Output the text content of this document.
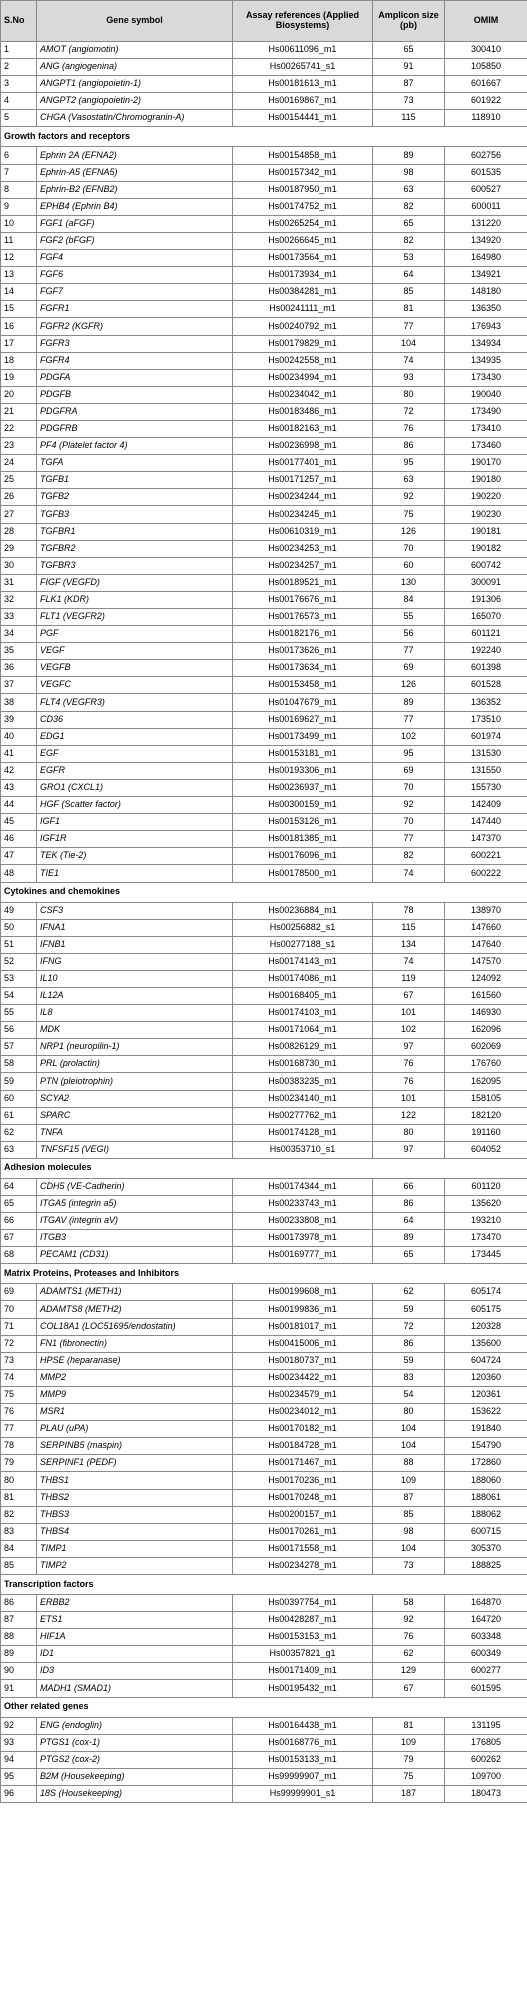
S.No	Gene symbol	Assay references (Applied Biosystems)	Amplicon size (pb)	OMIM
1	AMOT (angiomotin)	Hs00611096_m1	65	300410
2	ANG (angiogenina)	Hs00265741_s1	91	105850
3	ANGPT1 (angiopoietin-1)	Hs00181613_m1	87	601667
4	ANGPT2 (angiopoietin-2)	Hs00169867_m1	73	601922
5	CHGA (Vasostatin/Chromogranin-A)	Hs00154441_m1	115	118910
Growth factors and receptors				
6	Ephrin 2A (EFNA2)	Hs00154858_m1	89	602756
7	Ephrin-A5 (EFNA5)	Hs00157342_m1	98	601535
8	Ephrin-B2 (EFNB2)	Hs00187950_m1	63	600527
9	EPHB4 (Ephrin B4)	Hs00174752_m1	82	600011
10	FGF1 (aFGF)	Hs00265254_m1	65	131220
11	FGF2 (bFGF)	Hs00266645_m1	82	134920
12	FGF4	Hs00173564_m1	53	164980
13	FGF6	Hs00173934_m1	64	134921
14	FGF7	Hs00384281_m1	85	148180
15	FGFR1	Hs00241111_m1	81	136350
16	FGFR2 (KGFR)	Hs00240792_m1	77	176943
17	FGFR3	Hs00179829_m1	104	134934
18	FGFR4	Hs00242558_m1	74	134935
19	PDGFA	Hs00234994_m1	93	173430
20	PDGFB	Hs00234042_m1	80	190040
21	PDGFRA	Hs00183486_m1	72	173490
22	PDGFRB	Hs00182163_m1	76	173410
23	PF4 (Platelet factor 4)	Hs00236998_m1	86	173460
24	TGFA	Hs00177401_m1	95	190170
25	TGFB1	Hs00171257_m1	63	190180
26	TGFB2	Hs00234244_m1	92	190220
27	TGFB3	Hs00234245_m1	75	190230
28	TGFBR1	Hs00610319_m1	126	190181
29	TGFBR2	Hs00234253_m1	70	190182
30	TGFBR3	Hs00234257_m1	60	600742
31	FIGF (VEGFD)	Hs00189521_m1	130	300091
32	FLK1 (KDR)	Hs00176676_m1	84	191306
33	FLT1 (VEGFR2)	Hs00176573_m1	55	165070
34	PGF	Hs00182176_m1	56	601121
35	VEGF	Hs00173626_m1	77	192240
36	VEGFB	Hs00173634_m1	69	601398
37	VEGFC	Hs00153458_m1	126	601528
38	FLT4 (VEGFR3)	Hs01047679_m1	89	136352
39	CD36	Hs00169627_m1	77	173510
40	EDG1	Hs00173499_m1	102	601974
41	EGF	Hs00153181_m1	95	131530
42	EGFR	Hs00193306_m1	69	131550
43	GRO1 (CXCL1)	Hs00236937_m1	70	155730
44	HGF (Scatter factor)	Hs00300159_m1	92	142409
45	IGF1	Hs00153126_m1	70	147440
46	IGF1R	Hs00181385_m1	77	147370
47	TEK (Tie-2)	Hs00176096_m1	82	600221
48	TIE1	Hs00178500_m1	74	600222
Cytokines and chemokines				
49	CSF3	Hs00236884_m1	78	138970
50	IFNA1	Hs00256882_s1	115	147660
51	IFNB1	Hs00277188_s1	134	147640
52	IFNG	Hs00174143_m1	74	147570
53	IL10	Hs00174086_m1	119	124092
54	IL12A	Hs00168405_m1	67	161560
55	IL8	Hs00174103_m1	101	146930
56	MDK	Hs00171064_m1	102	162096
57	NRP1 (neuropilin-1)	Hs00826129_m1	97	602069
58	PRL (prolactin)	Hs00168730_m1	76	176760
59	PTN (pleiotrophin)	Hs00383235_m1	76	162095
60	SCYA2	Hs00234140_m1	101	158105
61	SPARC	Hs00277762_m1	122	182120
62	TNFA	Hs00174128_m1	80	191160
63	TNFSF15 (VEGI)	Hs00353710_s1	97	604052
Adhesion molecules				
64	CDH5 (VE-Cadherin)	Hs00174344_m1	66	601120
65	ITGA5 (integrin a5)	Hs00233743_m1	86	135620
66	ITGAV (integrin aV)	Hs00233808_m1	64	193210
67	ITGB3	Hs00173978_m1	89	173470
68	PECAM1 (CD31)	Hs00169777_m1	65	173445
Matrix Proteins, Proteases and Inhibitors				
69	ADAMTS1 (METH1)	Hs00199608_m1	62	605174
70	ADAMTS8 (METH2)	Hs00199836_m1	59	605175
71	COL18A1 (LOC51695/endostatin)	Hs00181017_m1	72	120328
72	FN1 (fibronectin)	Hs00415006_m1	86	135600
73	HPSE (heparanase)	Hs00180737_m1	59	604724
74	MMP2	Hs00234422_m1	83	120360
75	MMP9	Hs00234579_m1	54	120361
76	MSR1	Hs00234012_m1	80	153622
77	PLAU (uPA)	Hs00170182_m1	104	191840
78	SERPINB5 (maspin)	Hs00184728_m1	104	154790
79	SERPINF1 (PEDF)	Hs00171467_m1	88	172860
80	THBS1	Hs00170236_m1	109	188060
81	THBS2	Hs00170248_m1	87	188061
82	THBS3	Hs00200157_m1	85	188062
83	THBS4	Hs00170261_m1	98	600715
84	TIMP1	Hs00171558_m1	104	305370
85	TIMP2	Hs00234278_m1	73	188825
Transcription factors				
86	ERBB2	Hs00397754_m1	58	164870
87	ETS1	Hs00428287_m1	92	164720
88	HIF1A	Hs00153153_m1	76	603348
89	ID1	Hs00357821_g1	62	600349
90	ID3	Hs00171409_m1	129	600277
91	MADH1 (SMAD1)	Hs00195432_m1	67	601595
Other related genes				
92	ENG (endoglin)	Hs00164438_m1	81	131195
93	PTGS1 (cox-1)	Hs00168776_m1	109	176805
94	PTGS2 (cox-2)	Hs00153133_m1	79	600262
95	B2M (Housekeeping)	Hs99999907_m1	75	109700
96	18S (Housekeeping)	Hs99999901_s1	187	180473
